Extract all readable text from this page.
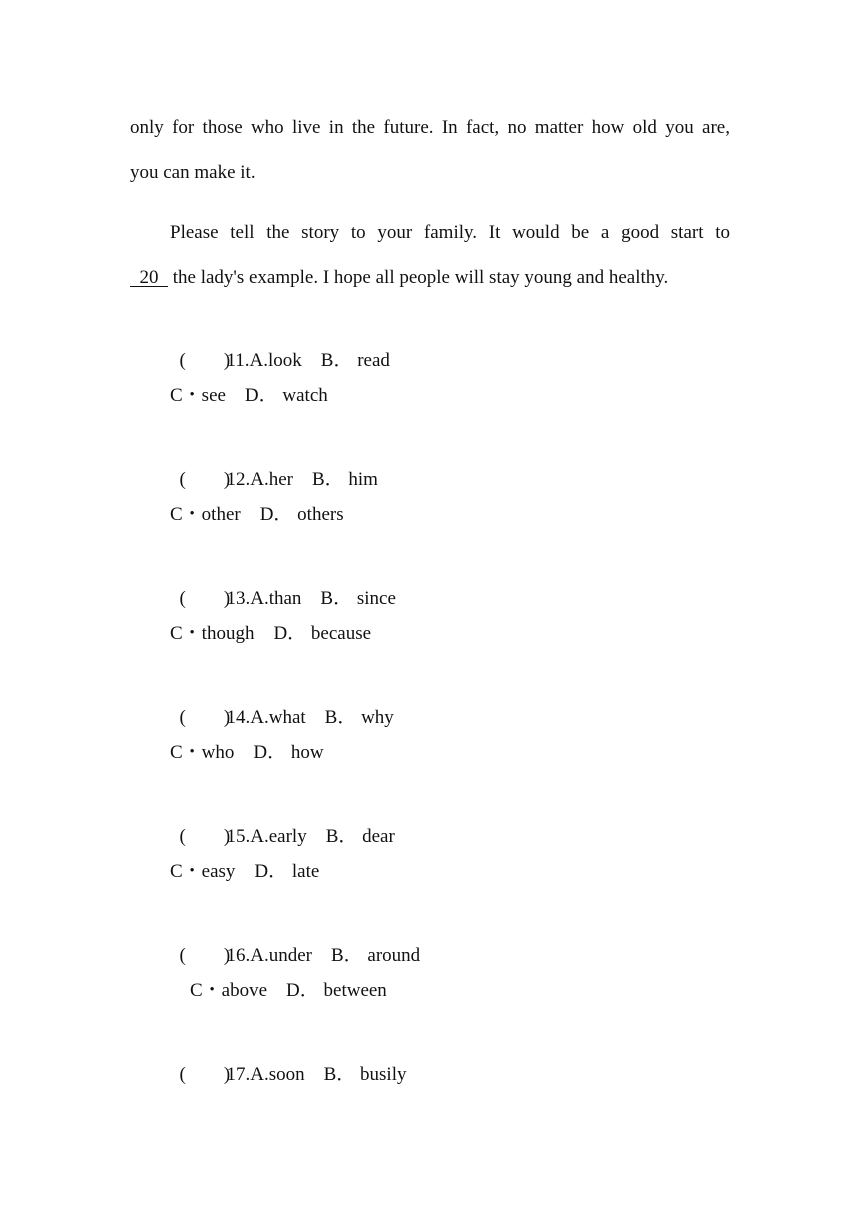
only for those who live in the future. In fact, no matter how old you are,
you can make it.
Please tell the story to your family. It would be a good start to
20   the lady's example. I hope all people will stay young and healthy.

(        )11.A.look　B． read

C・see　D． watch

(        )12.A.her　B． him

C・other　D． others

(        )13.A.than　B． since

C・though　D． because

(        )14.A.what　B． why

C・who　D． how

(        )15.A.early　B． dear

C・easy　D． late

(        )16.A.under　B． around

C・above　D． between

(        )17.A.soon　B． busily
